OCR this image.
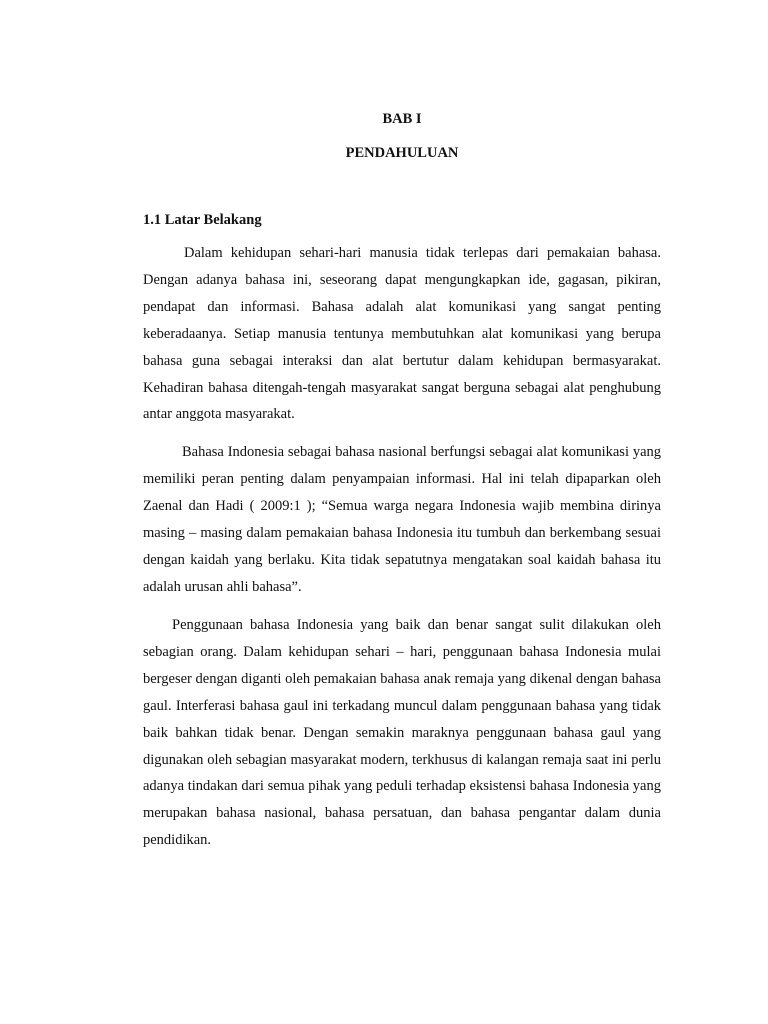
BAB I
PENDAHULUAN
1.1 Latar Belakang

Dalam kehidupan sehari-hari manusia tidak terlepas dari pemakaian bahasa. Dengan adanya bahasa ini, seseorang dapat mengungkapkan ide, gagasan, pikiran, pendapat dan informasi. Bahasa adalah alat komunikasi yang sangat penting keberadaanya. Setiap manusia tentunya membutuhkan alat komunikasi yang berupa bahasa guna sebagai interaksi dan alat bertutur dalam kehidupan bermasyarakat. Kehadiran bahasa ditengah-tengah masyarakat sangat berguna sebagai alat penghubung antar anggota masyarakat.

Bahasa Indonesia sebagai bahasa nasional berfungsi sebagai alat komunikasi yang memiliki peran penting dalam penyampaian informasi. Hal ini telah dipaparkan oleh Zaenal dan Hadi ( 2009:1 ); “Semua warga negara Indonesia wajib membina dirinya masing – masing dalam pemakaian bahasa Indonesia itu tumbuh dan berkembang sesuai dengan kaidah yang berlaku. Kita tidak sepatutnya mengatakan soal kaidah bahasa itu adalah urusan ahli bahasa”.

Penggunaan bahasa Indonesia yang baik dan benar sangat sulit dilakukan oleh sebagian orang. Dalam kehidupan sehari – hari, penggunaan bahasa Indonesia mulai bergeser dengan diganti oleh pemakaian bahasa anak remaja yang dikenal dengan bahasa gaul. Interferasi bahasa gaul ini terkadang muncul dalam penggunaan bahasa yang tidak baik bahkan tidak benar. Dengan semakin maraknya penggunaan bahasa gaul yang digunakan oleh sebagian masyarakat modern, terkhusus di kalangan remaja saat ini perlu adanya tindakan dari semua pihak yang peduli terhadap eksistensi bahasa Indonesia yang merupakan bahasa nasional, bahasa persatuan, dan bahasa pengantar dalam dunia pendidikan.
